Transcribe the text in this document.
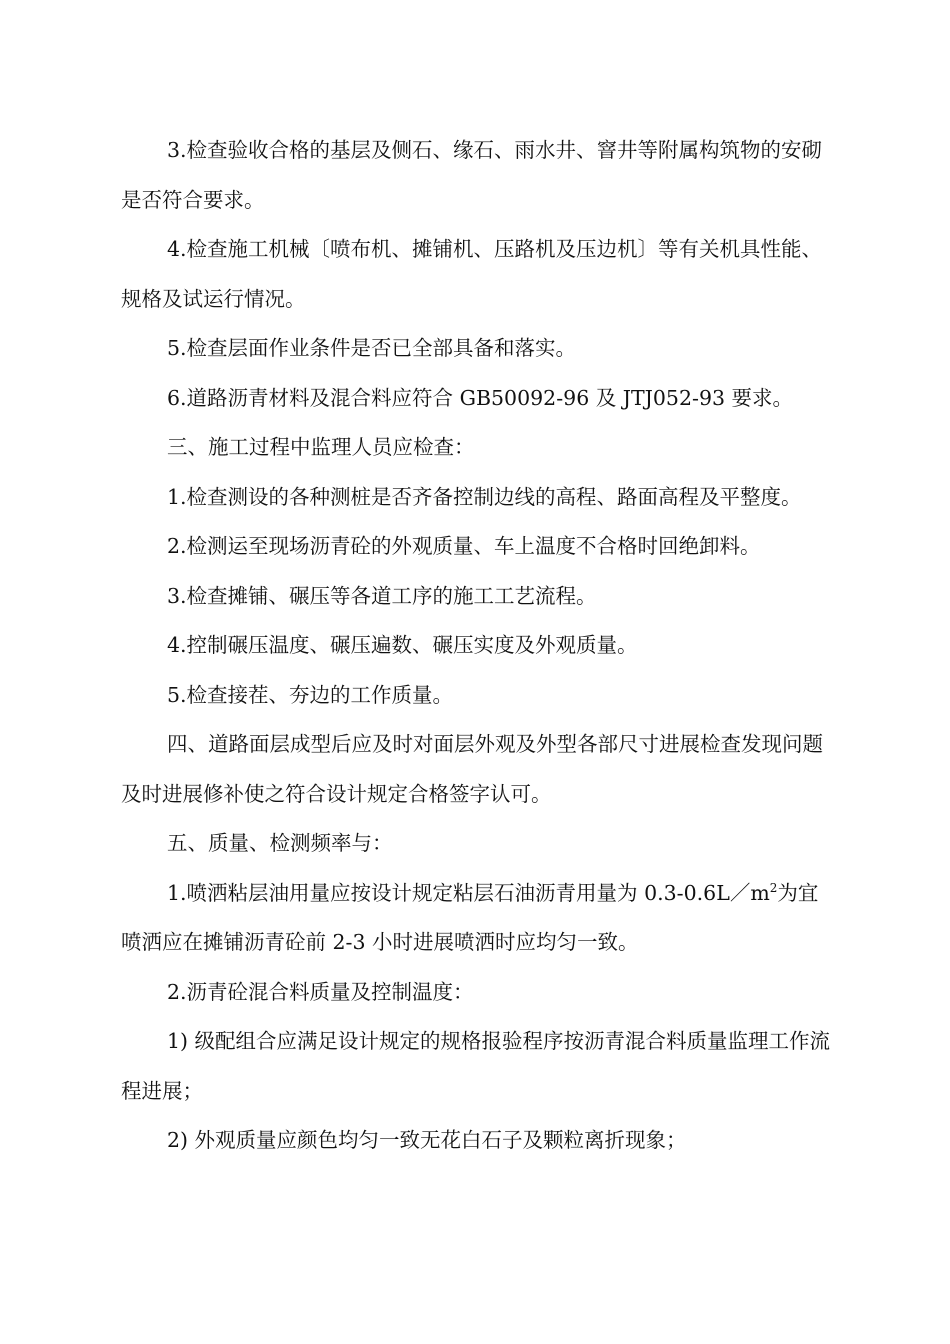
3.检查验收合格的基层及侧石、缘石、雨水井、窨井等附属构筑物的安砌是否符合要求。

4.检查施工机械〔喷布机、摊铺机、压路机及压边机〕等有关机具性能、规格及试运行情况。

5.检查层面作业条件是否已全部具备和落实。

6.道路沥青材料及混合料应符合 GB50092-96 及 JTJ052-93 要求。

三、施工过程中监理人员应检查：

1.检查测设的各种测桩是否齐备控制边线的高程、路面高程及平整度。

2.检测运至现场沥青砼的外观质量、车上温度不合格时回绝卸料。

3.检查摊铺、碾压等各道工序的施工工艺流程。

4.控制碾压温度、碾压遍数、碾压实度及外观质量。

5.检查接茬、夯边的工作质量。

四、道路面层成型后应及时对面层外观及外型各部尺寸进展检查发现问题及时进展修补使之符合设计规定合格签字认可。

五、质量、检测频率与：

1.喷洒粘层油用量应按设计规定粘层石油沥青用量为 $0.3-0.6L/m^2$为宜喷洒应在摊铺沥青砼前 2-3 小时进展喷洒时应均匀一致。

2.沥青砼混合料质量及控制温度：

1) 级配组合应满足设计规定的规格报验程序按沥青混合料质量监理工作流程进展；

2) 外观质量应颜色均匀一致无花白石子及颗粒离折现象；
